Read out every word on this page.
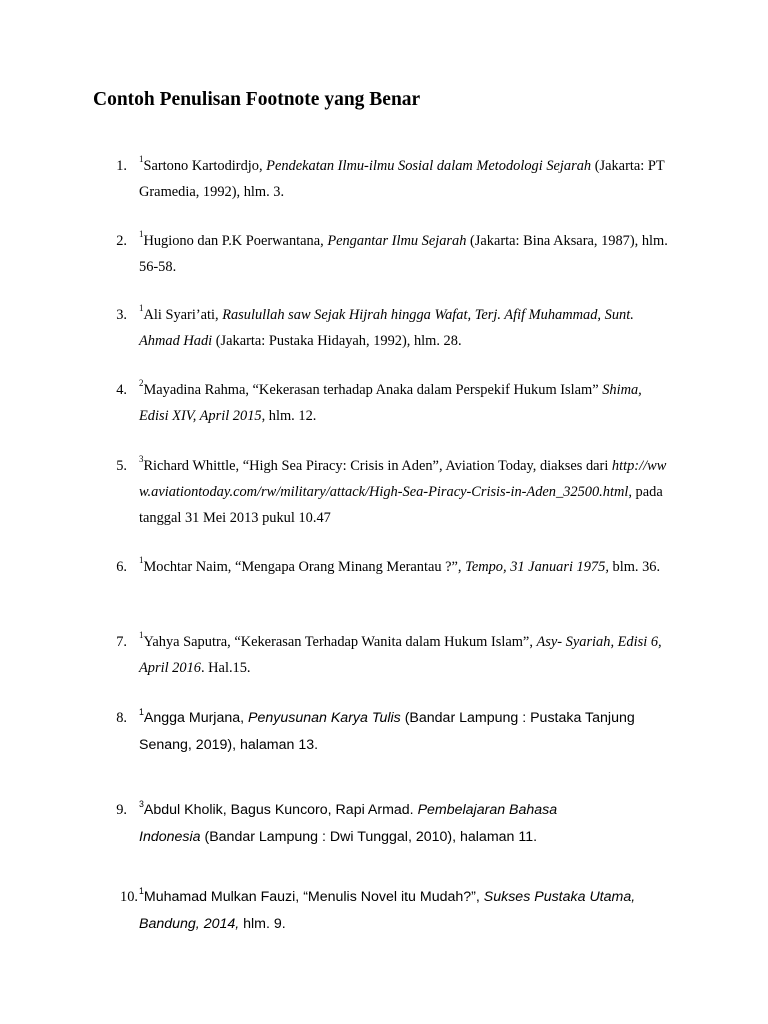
Contoh Penulisan Footnote yang Benar
1. $^1$Sartono Kartodirdjo, Pendekatan Ilmu-ilmu Sosial dalam Metodologi Sejarah (Jakarta: PT Gramedia, 1992), hlm. 3.
2. $^1$Hugiono dan P.K Poerwantana, Pengantar Ilmu Sejarah (Jakarta: Bina Aksara, 1987), hlm. 56-58.
3. $^1$Ali Syari’ati, Rasulullah saw Sejak Hijrah hingga Wafat, Terj. Afif Muhammad, Sunt. Ahmad Hadi (Jakarta: Pustaka Hidayah, 1992), hlm. 28.
4. $^2$Mayadina Rahma, “Kekerasan terhadap Anaka dalam Perspekif Hukum Islam” Shima, Edisi XIV, April 2015, hlm. 12.
5. $^3$Richard Whittle, “High Sea Piracy: Crisis in Aden”, Aviation Today, diakses dari http://www.aviationtoday.com/rw/military/attack/High-Sea-Piracy-Crisis-in-Aden_32500.html, pada tanggal 31 Mei 2013 pukul 10.47
6. $^1$Mochtar Naim, “Mengapa Orang Minang Merantau ?”, Tempo, 31 Januari 1975, blm. 36.
7. $^1$Yahya Saputra, “Kekerasan Terhadap Wanita dalam Hukum Islam”, Asy- Syariah, Edisi 6, April 2016. Hal.15.
8. $^1$Angga Murjana, Penyusunan Karya Tulis (Bandar Lampung : Pustaka Tanjung Senang, 2019), halaman 13.
9. $^3$Abdul Kholik, Bagus Kuncoro, Rapi Armad. Pembelajaran Bahasa Indonesia (Bandar Lampung : Dwi Tunggal, 2010), halaman 11.
10. $^1$Muhamad Mulkan Fauzi, “Menulis Novel itu Mudah?”, Sukses Pustaka Utama, Bandung, 2014, hlm. 9.
